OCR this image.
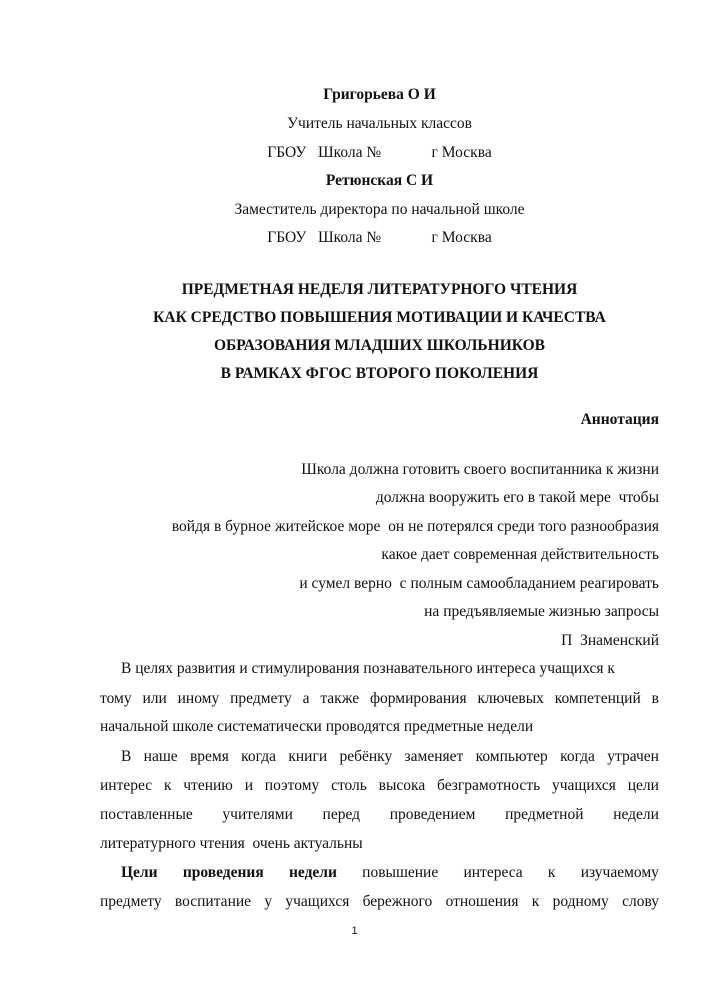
Григорьева О И
Учитель начальных классов
ГБОУ   Школа №             г Москва
Ретюнская С И
Заместитель директора по начальной школе
ГБОУ   Школа №             г Москва
ПРЕДМЕТНАЯ НЕДЕЛЯ ЛИТЕРАТУРНОГО ЧТЕНИЯ
КАК СРЕДСТВО ПОВЫШЕНИЯ МОТИВАЦИИ И КАЧЕСТВА
ОБРАЗОВАНИЯ МЛАДШИХ ШКОЛЬНИКОВ
В РАМКАХ ФГОС ВТОРОГО ПОКОЛЕНИЯ
Аннотация
Школа должна готовить своего воспитанника к жизни
должна вооружить его в такой мере  чтобы
войдя в бурное житейское море  он не потерялся среди того разнообразия
какое дает современная действительность
и сумел верно  с полным самообладанием реагировать
на предъявляемые жизнью запросы
П  Знаменский
В целях развития и стимулирования познавательного интереса учащихся к
тому или иному предмету а также формирования ключевых компетенций в
начальной школе систематически проводятся предметные недели
В наше время когда книги ребёнку заменяет компьютер когда утрачен
интерес к чтению и поэтому столь высока безграмотность учащихся цели
поставленные учителями перед проведением предметной недели
литературного чтения  очень актуальны
Цели проведения недели повышение интереса к изучаемому
предмету воспитание у учащихся бережного отношения к родному слову
1
